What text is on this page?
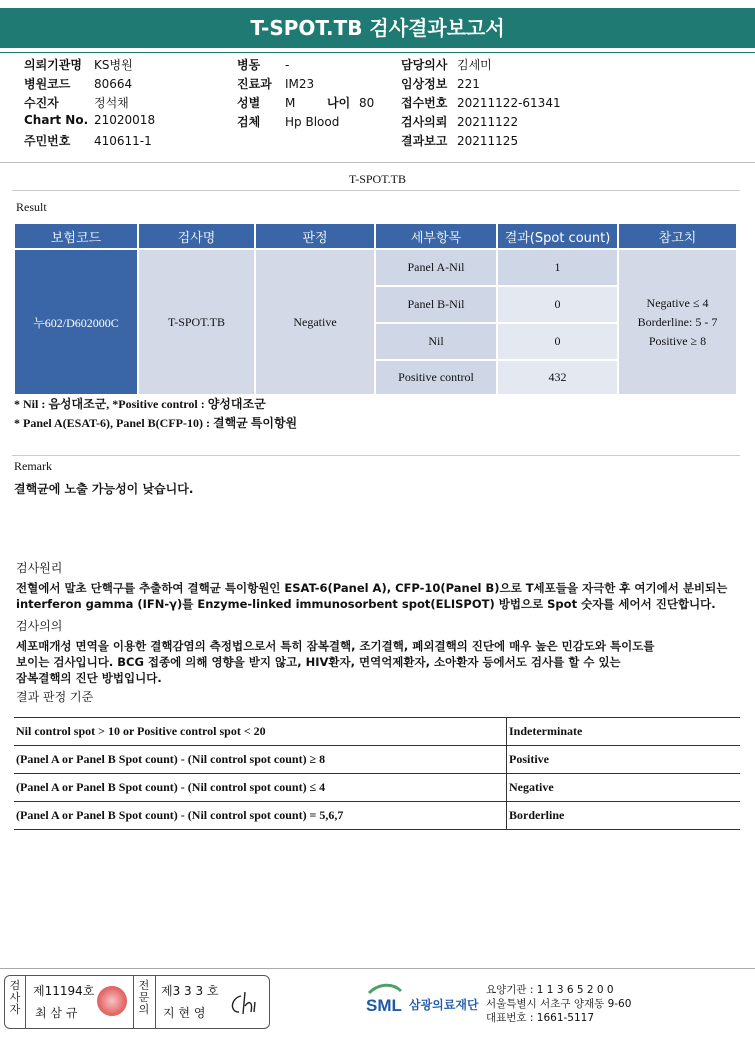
T-SPOT.TB 검사결과보고서
의뢰기관명 KS병원
병원코드 80664
수진자	정석채
Chart No. 21020018
주민번호 410611-1
병동 -
진료과 IM23
성별 M	나이 80
검체 Hp Blood
담당의사 김세미
임상정보 221
접수번호 20211122-61341
검사의뢰 20211122
결과보고 20211125
T-SPOT.TB
Result
보험코드	검사명	판정	세부항목	결과(Spot count)	참고치
누602/D602000C	T-SPOT.TB	Negative	Panel A-Nil	1	Negative ≤ 4
Borderline: 5 - 7
Positive ≥ 8

			Panel B-Nil	0	
			Nil	0	
			Positive control	432	
* Nil : 음성대조군, *Positive control : 양성대조군
* Panel A(ESAT-6), Panel B(CFP-10) : 결핵균 특이항원
Remark
결핵균에 노출 가능성이 낮습니다.
검사원리
전혈에서 말초 단핵구를 추출하여 결핵균 특이항원인 ESAT-6(Panel A), CFP-10(Panel B)으로 T세포들을 자극한 후 여기에서 분비되는
interferon gamma (IFN-γ)를 Enzyme-linked immunosorbent spot(ELISPOT) 방법으로 Spot 숫자를 세어서 진단합니다.
검사의의
세포매개성 면역을 이용한 결핵감염의 측정법으로서 특히 잠복결핵, 조기결핵, 폐외결핵의 진단에 매우 높은 민감도와 특이도를
보이는 검사입니다. BCG 접종에 의해 영향을 받지 않고, HIV환자, 면역억제환자, 소아환자 등에서도 검사를 할 수 있는
잠복결핵의 진단 방법입니다.
결과 판정 기준
Nil control spot > 10 or Positive control spot < 20	Indeterminate
(Panel A or Panel B Spot count) - (Nil control spot count) ≥ 8	Positive
(Panel A or Panel B Spot count) - (Nil control spot count) ≤ 4	Negative
(Panel A or Panel B Spot count) - (Nil control spot count) = 5,6,7	Borderline
검사자
제11194호
최 삼 규
전문의
제3 3 3 호
지 현 영	SML 삼광의료재단
요양기관 : 1 1 3 6 5 2 0 0
서울특별시 서초구 양재동 9-60
대표번호 : 1661-5117
